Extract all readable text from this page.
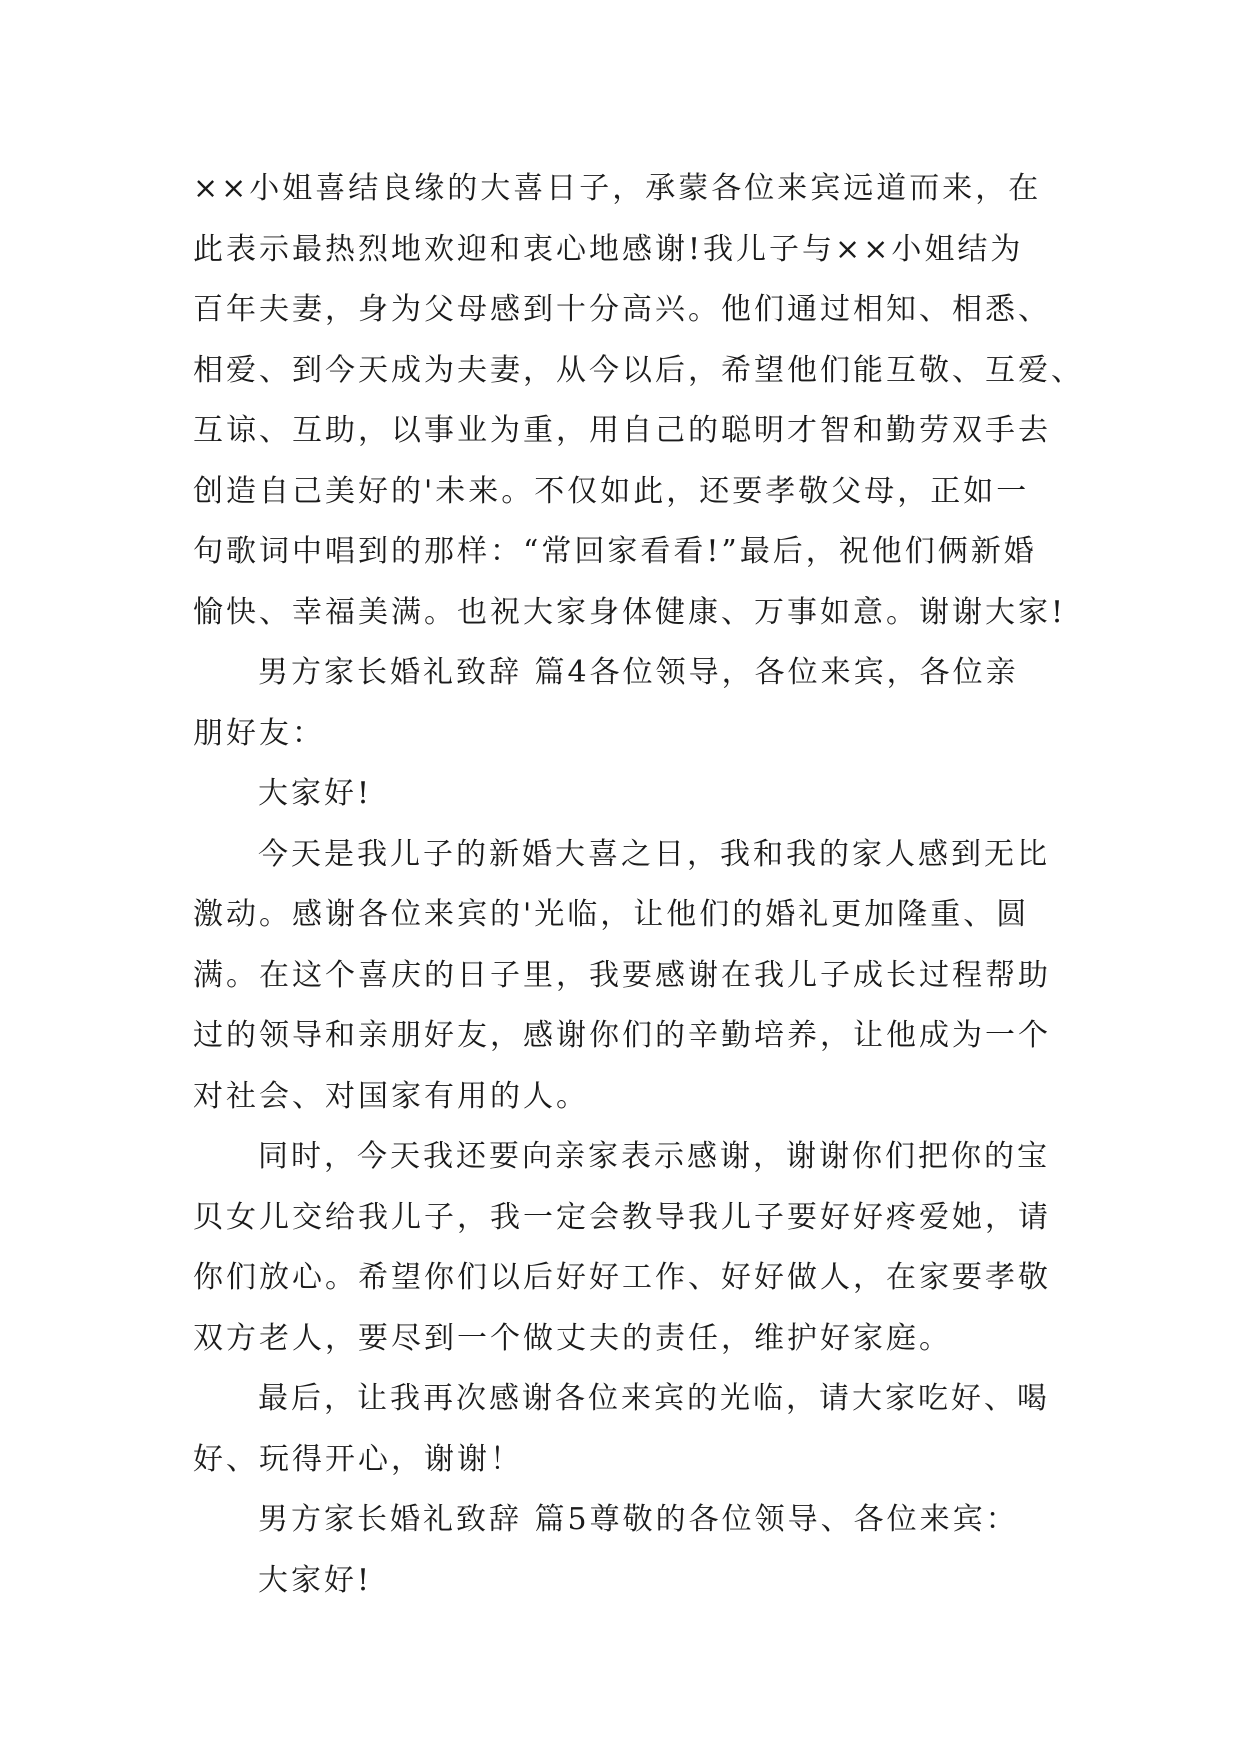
××小姐喜结良缘的大喜日子，承蒙各位来宾远道而来，在

此表示最热烈地欢迎和衷心地感谢!我儿子与××小姐结为

百年夫妻，身为父母感到十分高兴。他们通过相知、相悉、

相爱、到今天成为夫妻，从今以后，希望他们能互敬、互爱、

互谅、互助，以事业为重，用自己的聪明才智和勤劳双手去

创造自己美好的'未来。不仅如此，还要孝敬父母，正如一

句歌词中唱到的那样：“常回家看看!”最后，祝他们俩新婚

愉快、幸福美满。也祝大家身体健康、万事如意。谢谢大家!

男方家长婚礼致辞 篇4各位领导，各位来宾，各位亲

朋好友：

大家好!

今天是我儿子的新婚大喜之日，我和我的家人感到无比

激动。感谢各位来宾的'光临，让他们的婚礼更加隆重、圆

满。在这个喜庆的日子里，我要感谢在我儿子成长过程帮助

过的领导和亲朋好友，感谢你们的辛勤培养，让他成为一个

对社会、对国家有用的人。

同时，今天我还要向亲家表示感谢，谢谢你们把你的宝

贝女儿交给我儿子，我一定会教导我儿子要好好疼爱她，请

你们放心。希望你们以后好好工作、好好做人，在家要孝敬

双方老人，要尽到一个做丈夫的责任，维护好家庭。

最后，让我再次感谢各位来宾的光临，请大家吃好、喝

好、玩得开心，谢谢！

男方家长婚礼致辞 篇5尊敬的各位领导、各位来宾：

大家好!
